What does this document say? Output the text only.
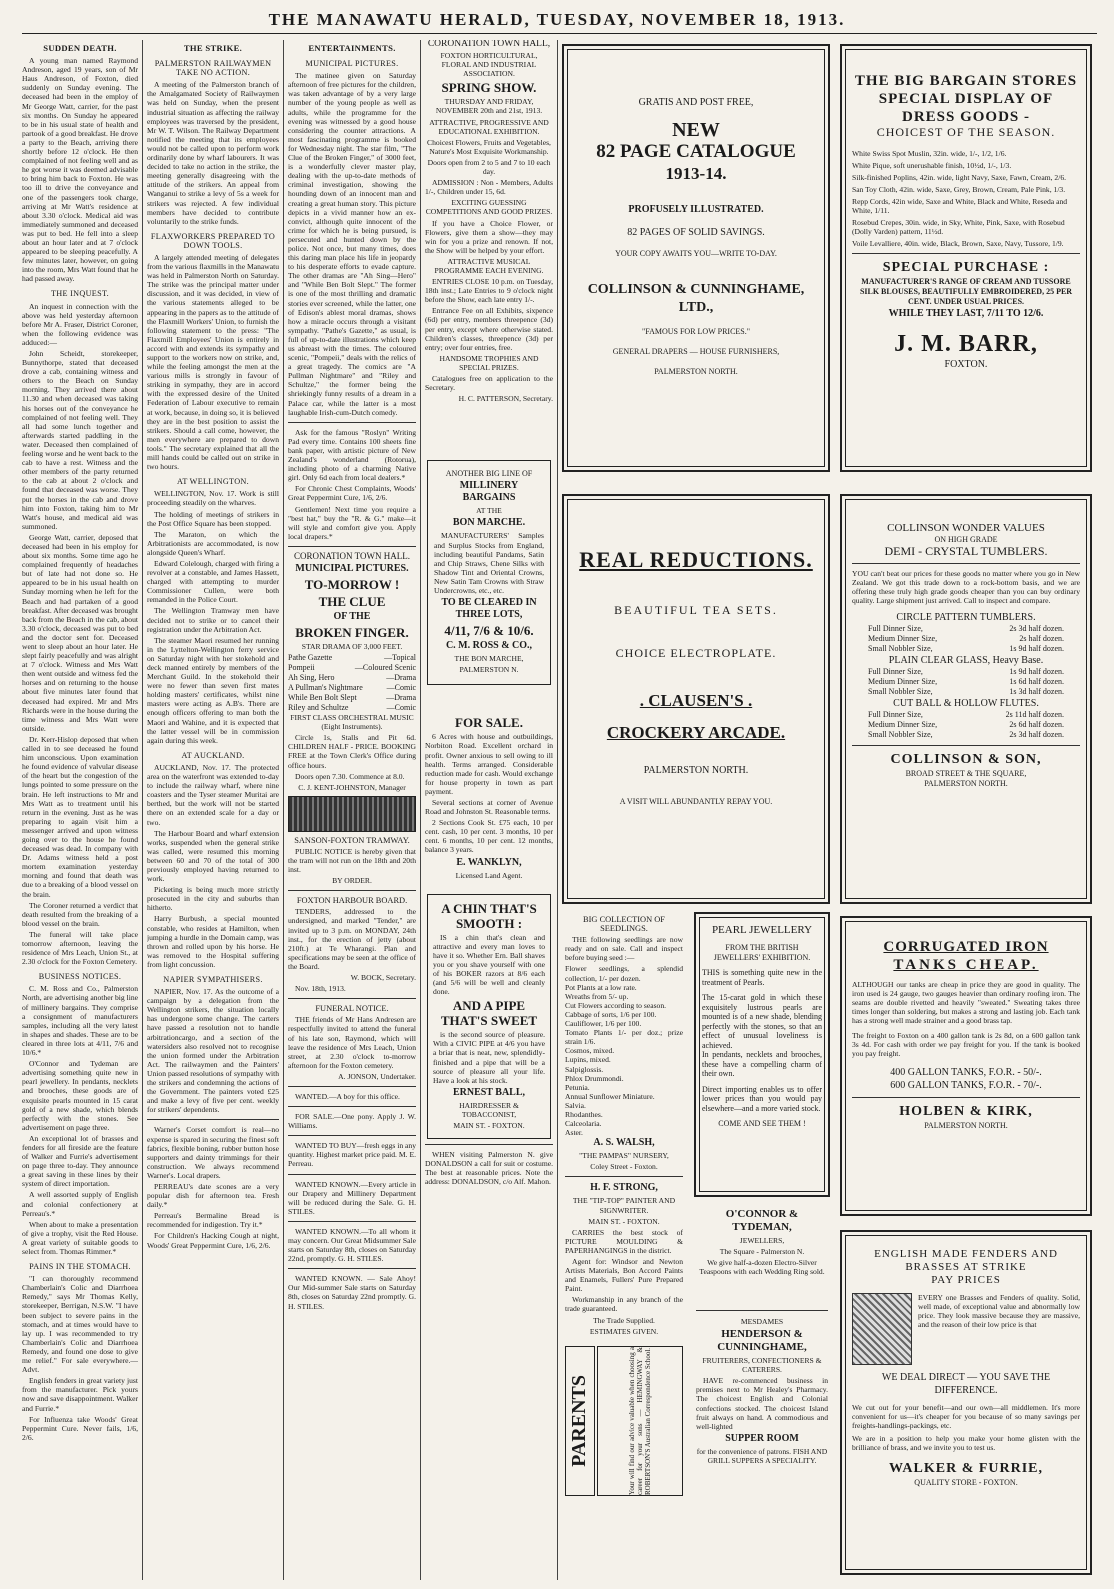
THE MANAWATU HERALD, TUESDAY, NOVEMBER 18, 1913.
SUDDEN DEATH.

A young man named Raymond Andreson, aged 19 years, son of Mr Haus Andreson, of Foxton, died suddenly on Sunday evening. The deceased had been in the employ of Mr George Watt, carrier, for the past six months. On Sunday he appeared to be in his usual state of health and partook of a good breakfast. He drove a party to the Beach, arriving there shortly before 12 o'clock. He then complained of not feeling well and as he got worse it was deemed advisable to bring him back to Foxton. He was too ill to drive the conveyance and one of the passengers took charge, arriving at Mr Watt's residence at about 3.30 o'clock. Medical aid was immediately summoned and deceased was put to bed. He fell into a sleep about an hour later and at 7 o'clock appeared to be sleeping peacefully. A few minutes later, however, on going into the room, Mrs Watt found that he had passed away.

THE INQUEST.

An inquest in connection with the above was held yesterday afternoon before Mr A. Fraser, District Coroner, when the following evidence was adduced:—

John Scheidt, storekeeper, Bunnythorpe, stated that deceased drove a cab, containing witness and others to the Beach on Sunday morning. They arrived there about 11.30 and when deceased was taking his horses out of the conveyance he complained of not feeling well. They all had some lunch together and afterwards started paddling in the water. Deceased then complained of feeling worse and he went back to the cab to have a rest. Witness and the other members of the party returned to the cab at about 2 o'clock and found that deceased was worse. They put the horses in the cab and drove him into Foxton, taking him to Mr Watt's house, and medical aid was summoned.

George Watt, carrier, deposed that deceased had been in his employ for about six months. Some time ago he complained frequently of headaches but of late had not done so. He appeared to be in his usual health on Sunday morning when he left for the Beach and had partaken of a good breakfast. After deceased was brought back from the Beach in the cab, about 3.30 o'clock, deceased was put to bed and the doctor sent for. Deceased went to sleep about an hour later. He slept fairly peacefully and was alright at 7 o'clock. Witness and Mrs Watt then went outside and witness fed the horses and on returning to the house about five minutes later found that deceased had expired. Mr and Mrs Richards were in the house during the time witness and Mrs Watt were outside.

Dr. Kerr-Hislop deposed that when called in to see deceased he found him unconscious. Upon examination he found evidence of valvular disease of the heart but the congestion of the lungs pointed to some pressure on the brain. He left instructions to Mr and Mrs Watt as to treatment until his return in the evening. Just as he was preparing to again visit him a messenger arrived and upon witness going over to the house he found deceased was dead. In company with Dr. Adams witness held a post mortem examination yesterday morning and found that death was due to a breaking of a blood vessel on the brain.

The Coroner returned a verdict that death resulted from the breaking of a blood vessel on the brain.

The funeral will take place tomorrow afternoon, leaving the residence of Mrs Leach, Union St., at 2.30 o'clock for the Foxton Cemetery.

BUSINESS NOTICES.

C. M. Ross and Co., Palmerston North, are advertising another big line of millinery bargains. They comprise a consignment of manufacturers samples, including all the very latest in shapes and shades. These are to be cleared in three lots at 4/11, 7/6 and 10/6.*

O'Connor and Tydeman are advertising something quite new in pearl jewellery. In pendants, necklets and brooches, these goods are of exquisite pearls mounted in 15 carat gold of a new shade, which blends perfectly with the stones. See advertisement on page three.

An exceptional lot of brasses and fenders for all fireside are the feature of Walker and Furrie's advertisement on page three to-day. They announce a great saving in these lines by their system of direct importation.

A well assorted supply of English and colonial confectionery at Perreau's.*

When about to make a presentation of give a trophy, visit the Red House. A great variety of suitable goods to select from. Thomas Rimmer.*

PAINS IN THE STOMACH.

"I can thoroughly recommend Chamberlain's Colic and Diarrhoea Remedy," says Mr Thomas Kelly, storekeeper, Berrigan, N.S.W. "I have been subject to severe pains in the stomach, and at times would have to lay up. I was recommended to try Chamberlain's Colic and Diarrhoea Remedy, and found one dose to give me relief." For sale everywhere.—Advt.

English fenders in great variety just from the manufacturer. Pick yours now and save disappointment. Walker and Furrie.*

For Influenza take Woods' Great Peppermint Cure. Never fails, 1/6, 2/6.

THE STRIKE.
PALMERSTON RAILWAYMEN TAKE NO ACTION.

A meeting of the Palmerston branch of the Amalgamated Society of Railwaymen was held on Sunday, when the present industrial situation as affecting the railway employees was traversed by the president, Mr W. T. Wilson. The Railway Department notified the meeting that its employees would not be called upon to perform work ordinarily done by wharf labourers. It was decided to take no action in the strike, the meeting generally disagreeing with the attitude of the strikers. An appeal from Wanganui to strike a levy of 5s a week for strikers was rejected. A few individual members have decided to contribute voluntarily to the strike funds.

FLAXWORKERS PREPARED TO DOWN TOOLS.

A largely attended meeting of delegates from the various flaxmills in the Manawatu was held in Palmerston North on Saturday. The strike was the principal matter under discussion, and it was decided, in view of the various statements alleged to be appearing in the papers as to the attitude of the Flaxmill Workers' Union, to furnish the following statement to the press: "The Flaxmill Employees' Union is entirely in accord with and extends its sympathy and support to the workers now on strike, and, while the feeling amongst the men at the various mills is strongly in favour of striking in sympathy, they are in accord with the expressed desire of the United Federation of Labour executive to remain at work, because, in doing so, it is believed they are in the best position to assist the strikers. Should a call come, however, the men everywhere are prepared to down tools." The secretary explained that all the mill hands could be called out on strike in two hours.

AT WELLINGTON.

WELLINGTON, Nov. 17. Work is still proceeding steadily on the wharves.

The holding of meetings of strikers in the Post Office Square has been stopped.

The Maraton, on which the Arbitrationists are accommodated, is now alongside Queen's Wharf.

Edward Colelough, charged with firing a revolver at a constable, and James Hassett, charged with attempting to murder Commissioner Cullen, were both remanded in the Police Court.

The Wellington Tramway men have decided not to strike or to cancel their registration under the Arbitration Act.

The steamer Maori resumed her running in the Lyttelton-Wellington ferry service on Saturday night with her stokehold and deck manned entirely by members of the Merchant Guild. In the stokehold their were no fewer than seven first mates holding masters' certificates, whilst nine masters were acting as A.B's. There are enough officers offering to man both the Maori and Wahine, and it is expected that the latter vessel will be in commission again during this week.

AT AUCKLAND.

AUCKLAND, Nov. 17. The protected area on the waterfront was extended to-day to include the railway wharf, where nine coasters and the Tyser steamer Muritai are berthed, but the work will not be started there on an extended scale for a day or two.

The Harbour Board and wharf extension works, suspended when the general strike was called, were resumed this morning between 60 and 70 of the total of 300 previously employed having returned to work.

Picketing is being much more strictly prosecuted in the city and suburbs than hitherto.

Harry Burbush, a special mounted constable, who resides at Hamilton, when jumping a hurdle in the Domain camp, was thrown and rolled upon by his horse. He was removed to the Hospital suffering from light concussion.

NAPIER SYMPATHISERS.

NAPIER, Nov. 17. As the outcome of a campaign by a delegation from the Wellington strikers, the situation locally has undergone some change. The carters have passed a resolution not to handle arbitrationcargo, and a section of the watersiders also resolved not to recognise the union formed under the Arbitration Act. The railwaymen and the Painters' Union passed resolutions of sympathy with the strikers and condemning the actions of the Government. The painters voted £25 and make a levy of five per cent. weekly for strikers' dependents.

Warner's Corset comfort is real—no expense is spared in securing the finest soft fabrics, flexible boning, rubber button hose supporters and dainty trimmings for their construction. We always recommend Warner's. Local drapers.

PERREAU's date scones are a very popular dish for afternoon tea. Fresh daily.*

Perreau's Bermaline Bread is recommended for indigestion. Try it.*

For Children's Hacking Cough at night, Woods' Great Peppermint Cure, 1/6, 2/6.

ENTERTAINMENTS.
MUNICIPAL PICTURES.

The matinee given on Saturday afternoon of free pictures for the children, was taken advantage of by a very large number of the young people as well as adults, while the programme for the evening was witnessed by a good house considering the counter attractions. A most fascinating programme is booked for Wednesday night. The star film, "The Clue of the Broken Finger," of 3000 feet, is a wonderfully clever master play, dealing with the up-to-date methods of criminal investigation, showing the hounding down of an innocent man and creating a great human story. This picture depicts in a vivid manner how an ex-convict, although quite innocent of the crime for which he is being pursued, is persecuted and hunted down by the police. Not once, but many times, does this daring man place his life in jeopardy to his desperate efforts to evade capture. The other dramas are "Ah Sing—Hero" and "While Ben Bolt Slept." The former is one of the most thrilling and dramatic stories ever screened, while the latter, one of Edison's ablest moral dramas, shows how a miracle occurs through a visitant sympathy. "Pathe's Gazette," as usual, is full of up-to-date illustrations which keep us abreast with the times. The coloured scenic, "Pompeii," deals with the relics of a great tragedy. The comics are "A Pullman Nightmare" and "Riley and Schultze," the former being the shriekingly funny results of a dream in a Palace car, while the latter is a most laughable Irish-cum-Dutch comedy.

Ask for the famous "Roslyn" Writing Pad every time. Contains 100 sheets fine bank paper, with artistic picture of New Zealand's wonderland (Rotorua), including photo of a charming Native girl. Only 6d each from local dealers.*

For Chronic Chest Complaints, Woods' Great Peppermint Cure, 1/6, 2/6.

Gentlemen! Next time you require a "best hat," buy the "R. & G." make—it will style and comfort give you. Apply local drapers.*

CORONATION TOWN HALL.

MUNICIPAL PICTURES.

TO-MORROW !

THE CLUE

OF THE

BROKEN FINGER.

STAR DRAMA OF 3,000 FEET.

Pathe Gazette	—Topical
Pompeii	—Coloured Scenic
Ah Sing, Hero	—Drama
A Pullman's Nightmare	—Comic
While Ben Bolt Slept	—Drama
Riley and Schultze	—Comic

FIRST CLASS ORCHESTRAL MUSIC (Eight Instruments).

Circle 1s, Stalls and Pit 6d. CHILDREN HALF - PRICE. BOOKING FREE at the Town Clerk's Office during office hours.

Doors open 7.30. Commence at 8.0.

C. J. KENT-JOHNSTON, Manager

SANSON-FOXTON TRAMWAY.

PUBLIC NOTICE is hereby given that the tram will not run on the 18th and 20th inst.

BY ORDER.

FOXTON HARBOUR BOARD.

TENDERS, addressed to the undersigned, and marked "Tender," are invited up to 3 p.m. on MONDAY, 24th inst., for the erection of jetty (about 210ft.) at Te Wharangi. Plan and specifications may be seen at the office of the Board.

W. BOCK, Secretary.

Nov. 18th, 1913.

FUNERAL NOTICE.

THE friends of Mr Hans Andresen are respectfully invited to attend the funeral of his late son, Raymond, which will leave the residence of Mrs Leach, Union street, at 2.30 o'clock to-morrow afternoon for the Foxton cemetery.

A. JONSON, Undertaker.

WANTED.—A boy for this office.

FOR SALE.—One pony. Apply J. W. Williams.

WANTED TO BUY—fresh eggs in any quantity. Highest market price paid. M. E. Perreau.

WANTED KNOWN.—Every article in our Drapery and Millinery Department will be reduced during the Sale. G. H. STILES.

WANTED KNOWN.—To all whom it may concern. Our Great Midsummer Sale starts on Saturday 8th, closes on Saturday 22nd, promptly. G. H. STILES.

WANTED KNOWN. — Sale Ahoy! Our Mid-summer Sale starts on Saturday 8th, closes on Saturday 22nd promptly. G. H. STILES.

CORONATION TOWN HALL,

FOXTON HORTICULTURAL, FLORAL AND INDUSTRIAL ASSOCIATION.

SPRING SHOW.

THURSDAY AND FRIDAY, NOVEMBER 20th and 21st, 1913.

ATTRACTIVE, PROGRESSIVE AND EDUCATIONAL EXHIBITION.

Choicest Flowers, Fruits and Vegetables, Nature's Most Exquisite Workmanship.

Doors open from 2 to 5 and 7 to 10 each day.

ADMISSION : Non - Members, Adults 1/-, Children under 15, 6d.

EXCITING GUESSING COMPETITIONS AND GOOD PRIZES.

If you have a Choice Flower, or Flowers, give them a show—they may win for you a prize and renown. If not, the Show will be helped by your effort.

ATTRACTIVE MUSICAL PROGRAMME EACH EVENING.

ENTRIES CLOSE 10 p.m. on Tuesday, 18th inst.; Late Entries to 9 o'clock night before the Show, each late entry 1/-.

Entrance Fee on all Exhibits, sixpence (6d) per entry, members threepence (3d) per entry, except where otherwise stated. Children's classes, threepence (3d) per entry; over four entries, free.

HANDSOME TROPHIES AND SPECIAL PRIZES.

Catalogues free on application to the Secretary.

H. C. PATTERSON, Secretary.

ANOTHER BIG LINE OF

MILLINERY BARGAINS

AT THE

BON MARCHE.

MANUFACTURERS' Samples and Surplus Stocks from England, including beautiful Pandams, Satin and Chip Straws, Chene Silks with Shadow Tint and Oriental Crowns, New Satin Tam Crowns with Straw Undercrowns, etc., etc.

TO BE CLEARED IN THREE LOTS,

4/11, 7/6 & 10/6.

C. M. ROSS & CO.,

THE BON MARCHE,

PALMERSTON N.

FOR SALE.

6 Acres with house and outbuildings, Norbiton Road. Excellent orchard in profit. Owner anxious to sell owing to ill health. Terms arranged. Considerable reduction made for cash. Would exchange for house property in town as part payment.

Several sections at corner of Avenue Road and Johnston St. Reasonable terms.

2 Sections Cook St. £75 each, 10 per cent. cash, 10 per cent. 3 months, 10 per cent. 6 months, 10 per cent. 12 months, balance 3 years.

E. WANKLYN,

Licensed Land Agent.

A CHIN THAT'S SMOOTH :

IS a chin that's clean and attractive and every man loves to have it so. Whether Ern. Ball shaves you or you shave yourself with one of his BOKER razors at 8/6 each (and 5/6 will be well and cleanly done.

AND A PIPE THAT'S SWEET

is the second source of pleasure. With a CIVIC PIPE at 4/6 you have a briar that is neat, new, splendidly-finished and a pipe that will be a source of pleasure all your life. Have a look at his stock.

ERNEST BALL,

HAIRDRESSER & TOBACCONIST,

MAIN ST. - FOXTON.

WHEN visiting Palmerston N. give DONALDSON a call for suit or costume. The best at reasonable prices. Note the address: DONALDSON, c/o Alf. Mahon.

GRATIS AND POST FREE,
NEW
82 PAGE CATALOGUE
1913-14.
PROFUSELY ILLUSTRATED.
82 PAGES OF SOLID SAVINGS.
YOUR COPY AWAITS YOU—WRITE TO-DAY.
COLLINSON & CUNNINGHAME, LTD.,
"FAMOUS FOR LOW PRICES."
GENERAL DRAPERS — HOUSE FURNISHERS,
PALMERSTON NORTH.
REAL REDUCTIONS.
BEAUTIFUL TEA SETS.
CHOICE ELECTROPLATE.
. CLAUSEN'S .
CROCKERY ARCADE.
PALMERSTON NORTH.
A VISIT WILL ABUNDANTLY REPAY YOU.

BIG COLLECTION OF SEEDLINGS.

THE following seedlings are now ready and on sale. Call and inspect before buying seed :—

Flower seedlings, a splendid collection, 1/- per dozen.
Pot Plants at a low rate.
Wreaths from 5/- up.
Cut Flowers according to season.
Cabbage of sorts, 1/6 per 100.
Cauliflower, 1/6 per 100.
Tomato Plants 1/- per doz.; prize strain 1/6.
Cosmos, mixed.
Lupins, mixed.
Salpiglossis.
Phlox Drummondi.
Petunia.
Annual Sunflower Miniature.
Salvia.
Rhodanthes.
Calceolaria.
Aster.

A. S. WALSH,

"THE PAMPAS" NURSERY,

Coley Street - Foxton.

H. F. STRONG,

THE "TIP-TOP" PAINTER AND SIGNWRITER.

MAIN ST. - FOXTON.

CARRIES the best stock of PICTURE MOULDING & PAPERHANGINGS in the district.

Agent for: Windsor and Newton Artists Materials, Bon Accord Paints and Enamels, Fullers' Pure Prepared Paint.

Workmanship in any branch of the trade guaranteed.

The Trade Supplied.

ESTIMATES GIVEN.

PARENTS	Your will find our advice valuable when choosing a career for your sons — HEMINGWAY & ROBERTSON'S Australian Correspondence School.
PEARL JEWELLERY
FROM THE BRITISH JEWELLERS' EXHIBITION.
THIS is something quite new in the treatment of Pearls.
The 15-carat gold in which these exquisitely lustrous pearls are mounted is of a new shade, blending perfectly with the stones, so that an effect of unusual loveliness is achieved.
In pendants, necklets and brooches, these have a compelling charm of their own.
Direct importing enables us to offer lower prices than you would pay elsewhere—and a more varied stock.
COME AND SEE THEM !

O'CONNOR & TYDEMAN,

JEWELLERS,

The Square - Palmerston N.

We give half-a-dozen Electro-Silver Teaspoons with each Wedding Ring sold.

MESDAMES

HENDERSON & CUNNINGHAME,

FRUITERERS, CONFECTIONERS & CATERERS.

HAVE re-commenced business in premises next to Mr Healey's Pharmacy. The choicest English and Colonial confections stocked. The choicest Island fruit always on hand. A commodious and well-lighted

SUPPER ROOM

for the convenience of patrons. FISH AND GRILL SUPPERS A SPECIALITY.

THE BIG BARGAIN STORES
SPECIAL DISPLAY OF
DRESS GOODS -
CHOICEST OF THE SEASON.
White Swiss Spot Muslin, 32in. wide, 1/-, 1/2, 1/6.
White Pique, soft unerushable finish, 10½d, 1/-, 1/3.
Silk-finished Poplins, 42in. wide, light Navy, Saxe, Fawn, Cream, 2/6.
San Toy Cloth, 42in. wide, Saxe, Grey, Brown, Cream, Pale Pink, 1/3.
Repp Cords, 42in wide, Saxe and White, Black and White, Reseda and White, 1/11.
Rosebud Crepes, 30in. wide, in Sky, White, Pink, Saxe, with Rosebud (Dolly Varden) pattern, 11½d.
Voile Levalliere, 40in. wide, Black, Brown, Saxe, Navy, Tussore, 1/9.
SPECIAL PURCHASE :
MANUFACTURER'S RANGE OF CREAM AND TUSSORE SILK BLOUSES, BEAUTIFULLY EMBROIDERED, 25 PER CENT. UNDER USUAL PRICES.
WHILE THEY LAST, 7/11 TO 12/6.
J. M. BARR,
FOXTON.
COLLINSON WONDER VALUES
ON HIGH GRADE
DEMI - CRYSTAL TUMBLERS.
YOU can't beat our prices for these goods no matter where you go in New Zealand. We got this trade down to a rock-bottom basis, and we are offering these truly high grade goods cheaper than you can buy ordinary quality. Large shipment just arrived. Call to inspect and compare.
CIRCLE PATTERN TUMBLERS.
Full Dinner Size,	2s 3d half dozen.
Medium Dinner Size,	2s half dozen.
Small Nobbler Size,	1s 9d half dozen.
PLAIN CLEAR GLASS, Heavy Base.
Full Dinner Size,	1s 9d half dozen.
Medium Dinner Size,	1s 6d half dozen.
Small Nobbler Size,	1s 3d half dozen.
CUT BALL & HOLLOW FLUTES.
Full Dinner Size,	2s 11d half dozen.
Medium Dinner Size,	2s 6d half dozen.
Small Nobbler Size,	2s 3d half dozen.
COLLINSON & SON,
BROAD STREET & THE SQUARE,
PALMERSTON NORTH.
CORRUGATED IRON
TANKS CHEAP.
ALTHOUGH our tanks are cheap in price they are good in quality. The iron used is 24 gauge, two gauges heavier than ordinary roofing iron. The seams are double rivetted and heavily "sweated." Sweating takes three times longer than soldering, but makes a strong and lasting job. Each tank has a strong well made strainer and a good brass tap.
The freight to Foxton on a 400 gallon tank is 2s 8d, on a 600 gallon tank 3s 4d. For cash with order we pay freight for you. If the tank is booked you pay freight.
400 GALLON TANKS, F.O.R. - 50/-.
600 GALLON TANKS, F.O.R. - 70/-.
HOLBEN & KIRK,
PALMERSTON NORTH.
ENGLISH MADE FENDERS AND BRASSES AT STRIKE
PAY PRICES
EVERY one Brasses and Fenders of quality. Solid, well made, of exceptional value and abnormally low price. They look massive because they are massive, and the reason of their low price is that
WE DEAL DIRECT — YOU SAVE THE DIFFERENCE.
We cut out for your benefit—and our own—all middlemen. It's more convenient for us—it's cheaper for you because of so many savings per freights-handlings-packings, etc.
We are in a position to help you make your home glisten with the brilliance of brass, and we invite you to test us.
WALKER & FURRIE,
QUALITY STORE - FOXTON.
